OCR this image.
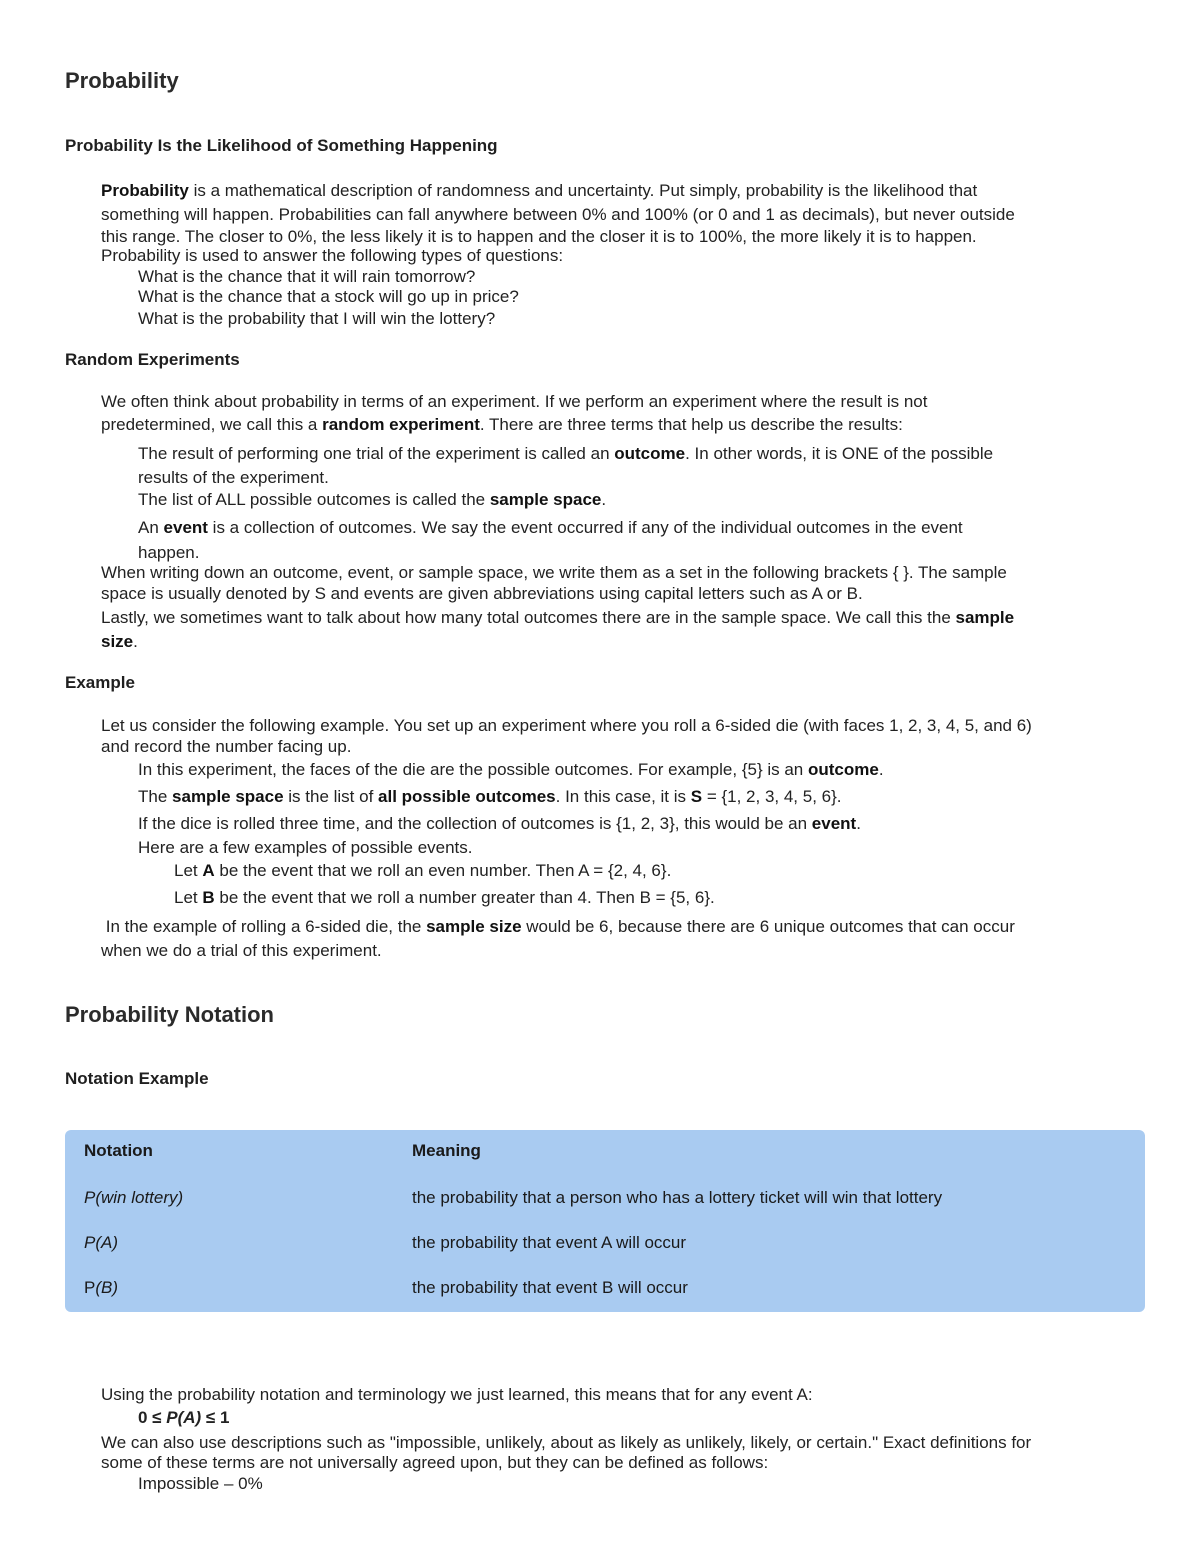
Probability
Probability Is the Likelihood of Something Happening

Probability is a mathematical description of randomness and uncertainty. Put simply, probability is the likelihood that

something will happen. Probabilities can fall anywhere between 0% and 100% (or 0 and 1 as decimals), but never outside

this range. The closer to 0%, the less likely it is to happen and the closer it is to 100%, the more likely it is to happen.

Probability is used to answer the following types of questions:

What is the chance that it will rain tomorrow?

What is the chance that a stock will go up in price?

What is the probability that I will win the lottery?

Random Experiments

We often think about probability in terms of an experiment. If we perform an experiment where the result is not

predetermined, we call this a random experiment. There are three terms that help us describe the results:

The result of performing one trial of the experiment is called an outcome. In other words, it is ONE of the possible

results of the experiment.

The list of ALL possible outcomes is called the sample space.

An event is a collection of outcomes. We say the event occurred if any of the individual outcomes in the event

happen.

When writing down an outcome, event, or sample space, we write them as a set in the following brackets { }. The sample

space is usually denoted by S and events are given abbreviations using capital letters such as A or B.

Lastly, we sometimes want to talk about how many total outcomes there are in the sample space. We call this the sample

size.

Example

Let us consider the following example. You set up an experiment where you roll a 6-sided die (with faces 1, 2, 3, 4, 5, and 6)

and record the number facing up.

In this experiment, the faces of the die are the possible outcomes. For example, {5} is an outcome.

The sample space is the list of all possible outcomes. In this case, it is S = {1, 2, 3, 4, 5, 6}.

If the dice is rolled three time, and the collection of outcomes is {1, 2, 3}, this would be an event.

Here are a few examples of possible events.

Let A be the event that we roll an even number. Then A = {2, 4, 6}.

Let B be the event that we roll a number greater than 4. Then B = {5, 6}.

In the example of rolling a 6-sided die, the sample size would be 6, because there are 6 unique outcomes that can occur

when we do a trial of this experiment.

Probability Notation
Notation Example
Notation	Meaning
P(win lottery)	the probability that a person who has a lottery ticket will win that lottery
P(A)	the probability that event A will occur
P(B)	the probability that event B will occur

Using the probability notation and terminology we just learned, this means that for any event A:

0 ≤ P(A) ≤ 1

We can also use descriptions such as "impossible, unlikely, about as likely as unlikely, likely, or certain." Exact definitions for

some of these terms are not universally agreed upon, but they can be defined as follows:

Impossible – 0%
